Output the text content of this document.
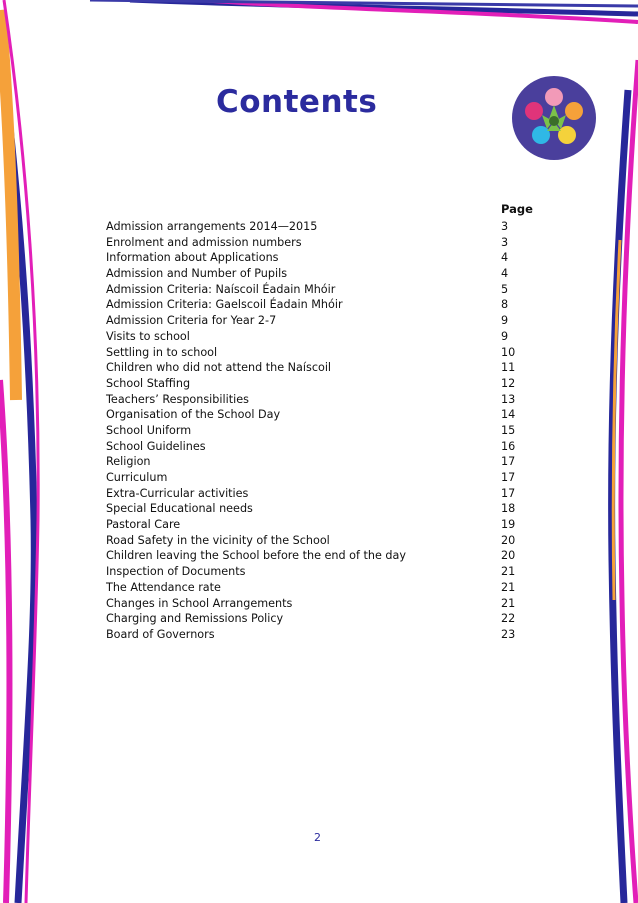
Contents
Page
Admission arrangements 2014—2015	3
Enrolment and admission numbers	3
Information about Applications	4
Admission and Number of Pupils	4
Admission Criteria: Naíscoil Éadain Mhóir	5
Admission Criteria: Gaelscoil Éadain Mhóir	8
Admission Criteria for Year 2-7	9
Visits to school	9
Settling in to school	10
Children who did not attend the Naíscoil	11
School Staffing	12
Teachers’ Responsibilities	13
Organisation of the School Day	14
School Uniform	15
School Guidelines	16
Religion	17
Curriculum	17
Extra-Curricular activities	17
Special Educational needs	18
Pastoral Care	19
Road Safety in the vicinity of the School	20
Children leaving the School before the end of the day	20
Inspection of Documents	21
The Attendance rate	21
Changes in School Arrangements	21
Charging and Remissions Policy	22
Board of Governors	23
2
